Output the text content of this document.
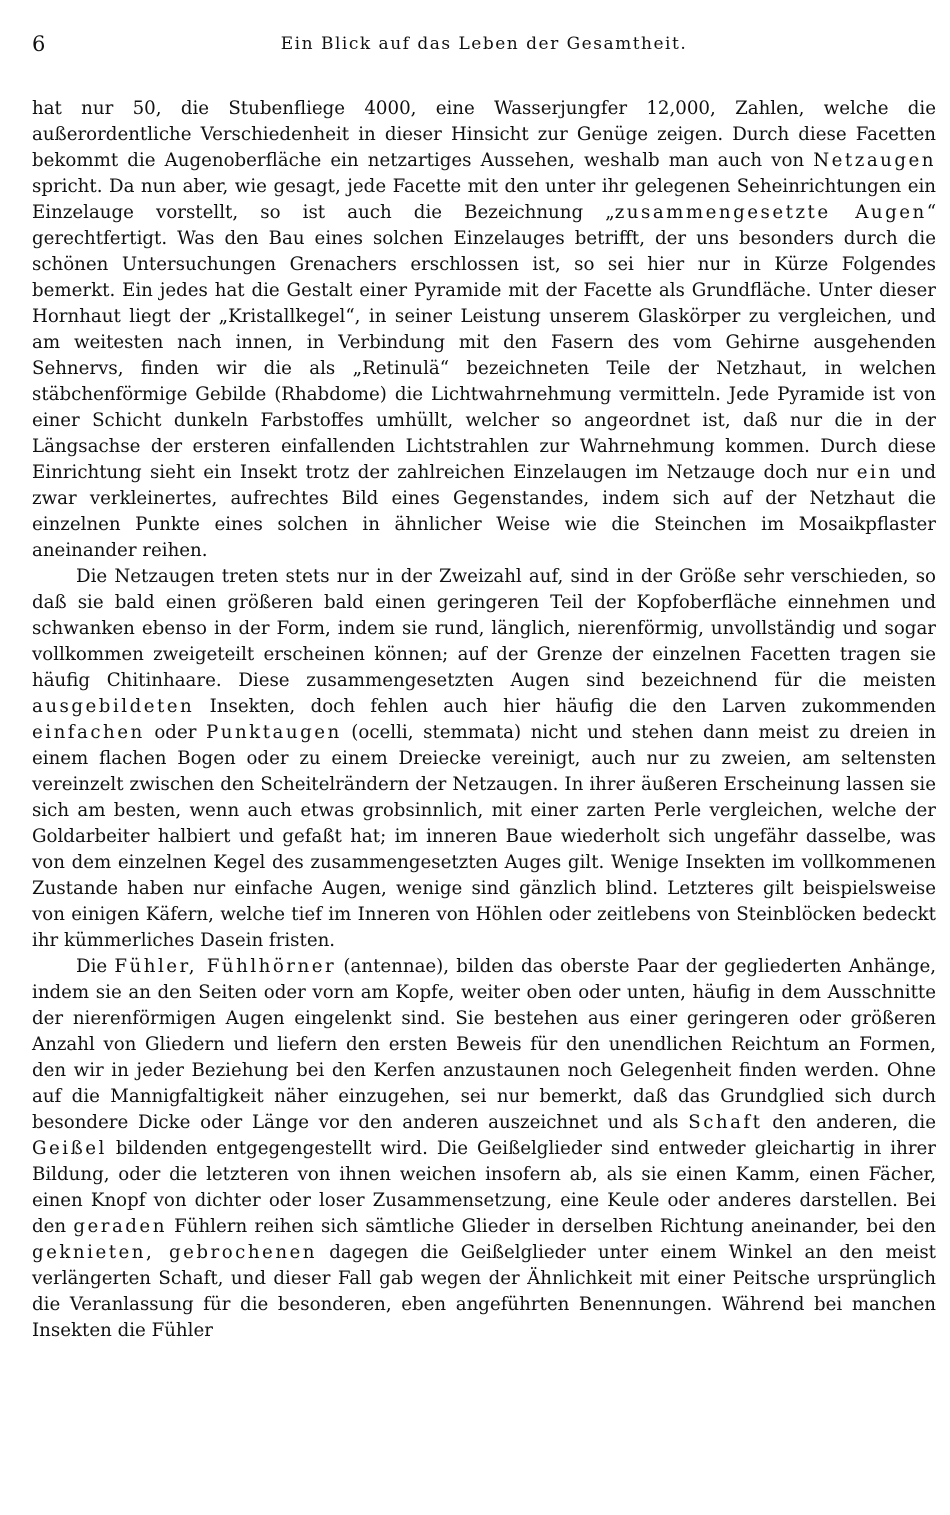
6	Ein Blick auf das Leben der Gesamtheit.

hat nur 50, die Stubenfliege 4000, eine Wasserjungfer 12,000, Zahlen, welche die außerordentliche Verschiedenheit in dieser Hinsicht zur Genüge zeigen. Durch diese Facetten bekommt die Augenoberfläche ein netzartiges Aussehen, weshalb man auch von Netzaugen spricht. Da nun aber, wie gesagt, jede Facette mit den unter ihr gelegenen Seheinrichtungen ein Einzelauge vorstellt, so ist auch die Bezeichnung „zusammengesetzte Augen“ gerechtfertigt. Was den Bau eines solchen Einzelauges betrifft, der uns besonders durch die schönen Untersuchungen Grenachers erschlossen ist, so sei hier nur in Kürze Folgendes bemerkt. Ein jedes hat die Gestalt einer Pyramide mit der Facette als Grundfläche. Unter dieser Hornhaut liegt der „Kristallkegel“, in seiner Leistung unserem Glaskörper zu vergleichen, und am weitesten nach innen, in Verbindung mit den Fasern des vom Gehirne ausgehenden Sehnervs, finden wir die als „Retinulä“ bezeichneten Teile der Netzhaut, in welchen stäbchenförmige Gebilde (Rhabdome) die Lichtwahrnehmung vermitteln. Jede Pyramide ist von einer Schicht dunkeln Farbstoffes umhüllt, welcher so angeordnet ist, daß nur die in der Längsachse der ersteren einfallenden Lichtstrahlen zur Wahrnehmung kommen. Durch diese Einrichtung sieht ein Insekt trotz der zahlreichen Einzelaugen im Netzauge doch nur ein und zwar verkleinertes, aufrechtes Bild eines Gegenstandes, indem sich auf der Netzhaut die einzelnen Punkte eines solchen in ähnlicher Weise wie die Steinchen im Mosaikpflaster aneinander reihen.

Die Netzaugen treten stets nur in der Zweizahl auf, sind in der Größe sehr verschieden, so daß sie bald einen größeren bald einen geringeren Teil der Kopfoberfläche einnehmen und schwanken ebenso in der Form, indem sie rund, länglich, nierenförmig, unvollständig und sogar vollkommen zweigeteilt erscheinen können; auf der Grenze der einzelnen Facetten tragen sie häufig Chitinhaare. Diese zusammengesetzten Augen sind bezeichnend für die meisten ausgebildeten Insekten, doch fehlen auch hier häufig die den Larven zukommenden einfachen oder Punktaugen (ocelli, stemmata) nicht und stehen dann meist zu dreien in einem flachen Bogen oder zu einem Dreiecke vereinigt, auch nur zu zweien, am seltensten vereinzelt zwischen den Scheitelrändern der Netzaugen. In ihrer äußeren Erscheinung lassen sie sich am besten, wenn auch etwas grobsinnlich, mit einer zarten Perle vergleichen, welche der Goldarbeiter halbiert und gefaßt hat; im inneren Baue wiederholt sich ungefähr dasselbe, was von dem einzelnen Kegel des zusammengesetzten Auges gilt. Wenige Insekten im vollkommenen Zustande haben nur einfache Augen, wenige sind gänzlich blind. Letzteres gilt beispielsweise von einigen Käfern, welche tief im Inneren von Höhlen oder zeitlebens von Steinblöcken bedeckt ihr kümmerliches Dasein fristen.

Die Fühler, Fühlhörner (antennae), bilden das oberste Paar der gegliederten Anhänge, indem sie an den Seiten oder vorn am Kopfe, weiter oben oder unten, häufig in dem Ausschnitte der nierenförmigen Augen eingelenkt sind. Sie bestehen aus einer geringeren oder größeren Anzahl von Gliedern und liefern den ersten Beweis für den unendlichen Reichtum an Formen, den wir in jeder Beziehung bei den Kerfen anzustaunen noch Gelegenheit finden werden. Ohne auf die Mannigfaltigkeit näher einzugehen, sei nur bemerkt, daß das Grundglied sich durch besondere Dicke oder Länge vor den anderen auszeichnet und als Schaft den anderen, die Geißel bildenden entgegengestellt wird. Die Geißelglieder sind entweder gleichartig in ihrer Bildung, oder die letzteren von ihnen weichen insofern ab, als sie einen Kamm, einen Fächer, einen Knopf von dichter oder loser Zusammensetzung, eine Keule oder anderes darstellen. Bei den geraden Fühlern reihen sich sämtliche Glieder in derselben Richtung aneinander, bei den geknieten, gebrochenen dagegen die Geißelglieder unter einem Winkel an den meist verlängerten Schaft, und dieser Fall gab wegen der Ähnlichkeit mit einer Peitsche ursprünglich die Veranlassung für die besonderen, eben angeführten Benennungen. Während bei manchen Insekten die Fühler
